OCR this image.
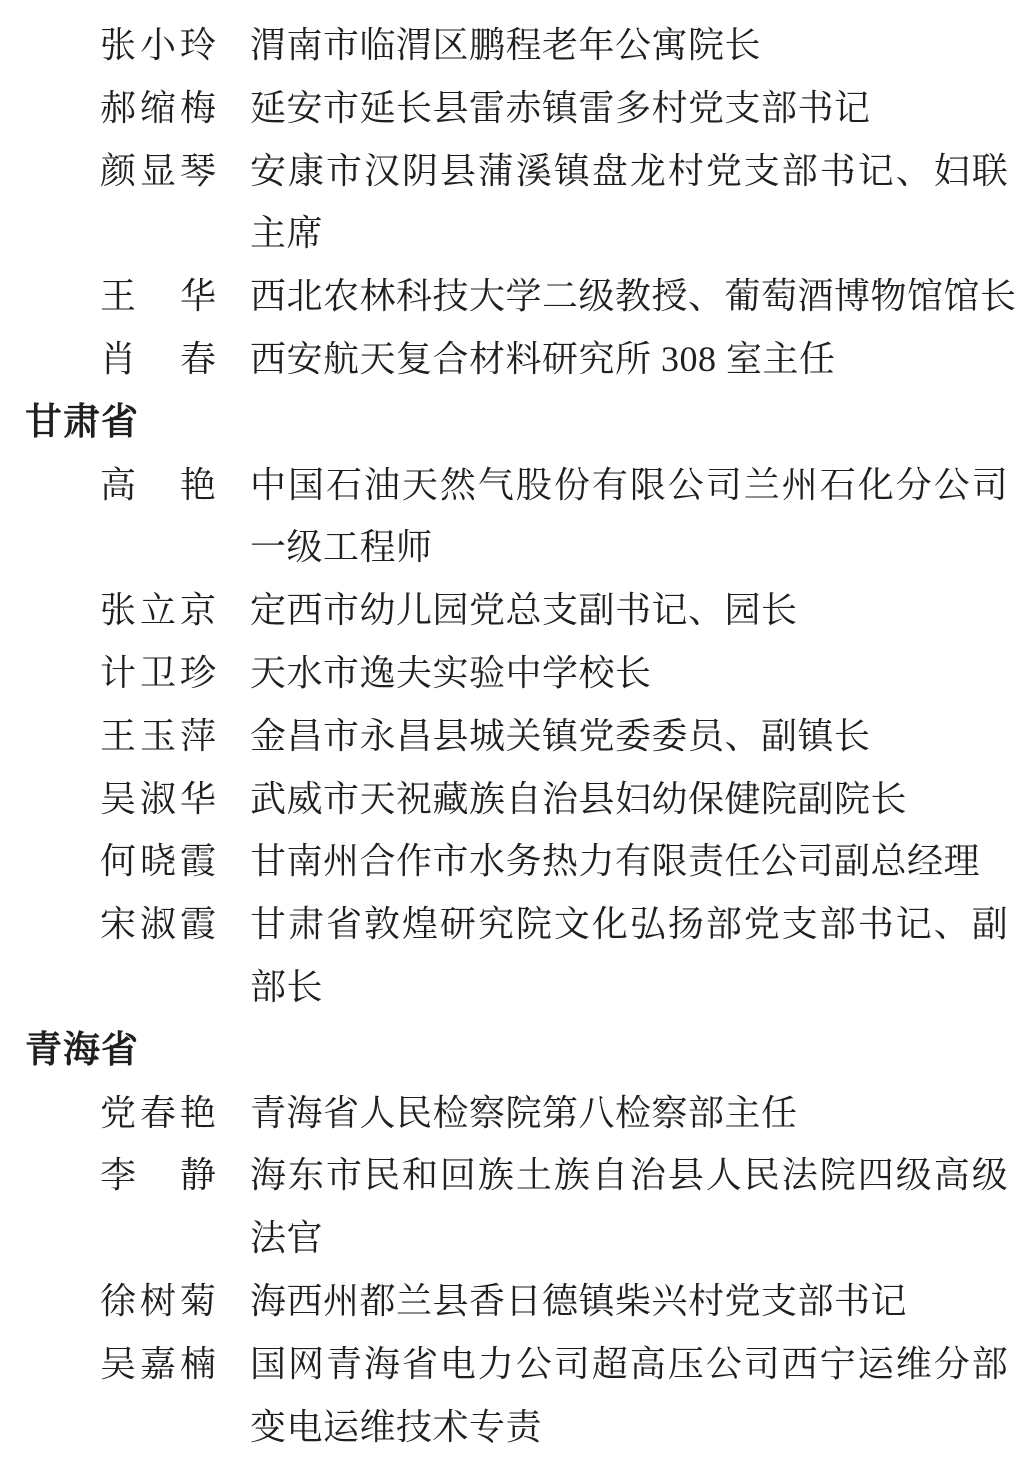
张 小 玲 渭南市临渭区鹏程老年公寓院长
郝 缩 梅 延安市延长县雷赤镇雷多村党支部书记
颜 显 琴 安 康 市 汉 阴 县 蒲 溪 镇 盘 龙 村 党 支 部 书 记 、 妇 联
主席
王 华 西北农林科技大学二级教授、葡萄酒博物馆馆长
肖 春 西安航天复合材料研究所 308 室主任
甘肃省
高 艳 中 国 石 油 天 然 气 股 份 有 限 公 司 兰 州 石 化 分 公 司
一级工程师
张 立 京 定西市幼儿园党总支副书记、园长
计 卫 珍 天水市逸夫实验中学校长
王 玉 萍 金昌市永昌县城关镇党委委员、副镇长
吴 淑 华 武威市天祝藏族自治县妇幼保健院副院长
何 晓 霞 甘南州合作市水务热力有限责任公司副总经理
宋 淑 霞 甘 肃 省 敦 煌 研 究 院 文 化 弘 扬 部 党 支 部 书 记 、 副
部长
青海省
党 春 艳 青海省人民检察院第八检察部主任
李 静 海 东 市 民 和 回 族 土 族 自 治 县 人 民 法 院 四 级 高 级
法官
徐 树 菊 海西州都兰县香日德镇柴兴村党支部书记
吴 嘉 楠 国 网 青 海 省 电 力 公 司 超 高 压 公 司 西 宁 运 维 分 部
变电运维技术专责
